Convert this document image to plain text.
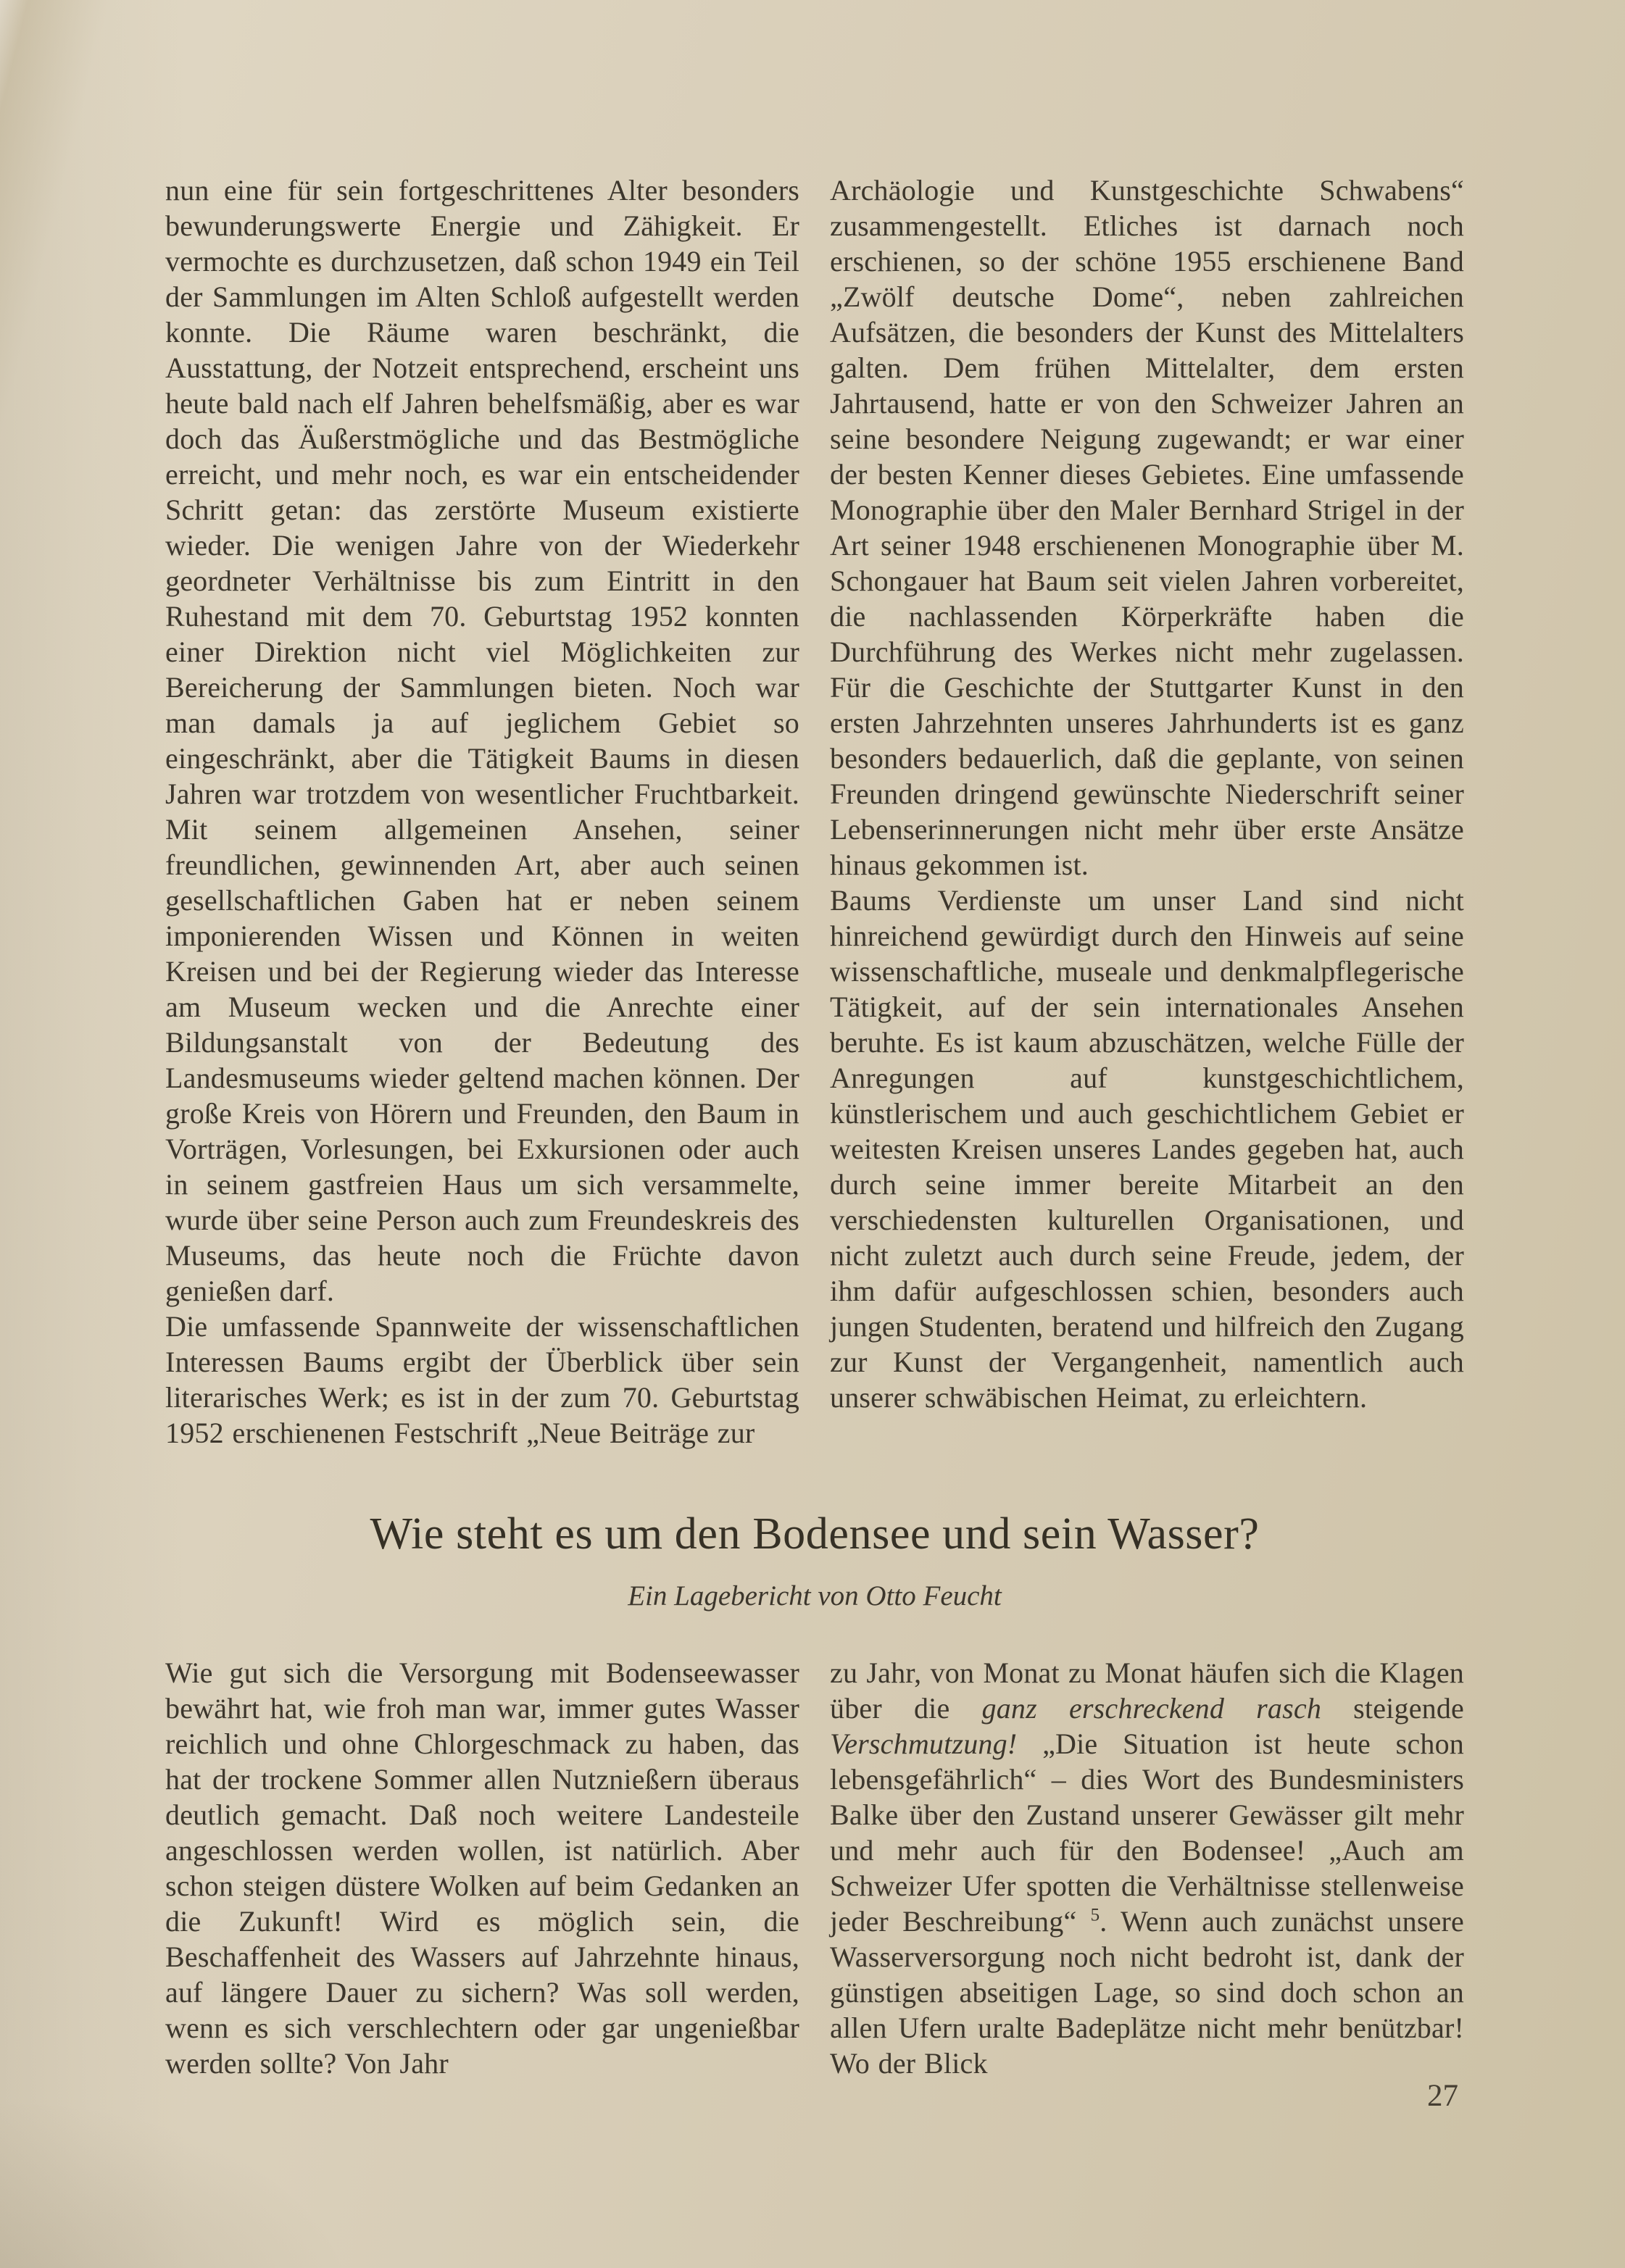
nun eine für sein fortgeschrittenes Alter besonders bewunderungswerte Energie und Zähigkeit. Er vermochte es durchzusetzen, daß schon 1949 ein Teil der Sammlungen im Alten Schloß aufgestellt werden konnte. Die Räume waren beschränkt, die Ausstattung, der Notzeit entsprechend, erscheint uns heute bald nach elf Jahren behelfsmäßig, aber es war doch das Äußerstmögliche und das Bestmögliche erreicht, und mehr noch, es war ein entscheidender Schritt getan: das zerstörte Museum existierte wieder. Die wenigen Jahre von der Wiederkehr geordneter Verhältnisse bis zum Eintritt in den Ruhestand mit dem 70. Geburtstag 1952 konnten einer Direktion nicht viel Möglichkeiten zur Bereicherung der Sammlungen bieten. Noch war man damals ja auf jeglichem Gebiet so eingeschränkt, aber die Tätigkeit Baums in diesen Jahren war trotzdem von wesentlicher Fruchtbarkeit. Mit seinem allgemeinen Ansehen, seiner freundlichen, gewinnenden Art, aber auch seinen gesellschaftlichen Gaben hat er neben seinem imponierenden Wissen und Können in weiten Kreisen und bei der Regierung wieder das Interesse am Museum wecken und die Anrechte einer Bildungsanstalt von der Bedeutung des Landesmuseums wieder geltend machen können. Der große Kreis von Hörern und Freunden, den Baum in Vorträgen, Vorlesungen, bei Exkursionen oder auch in seinem gastfreien Haus um sich versammelte, wurde über seine Person auch zum Freundeskreis des Museums, das heute noch die Früchte davon genießen darf.

Die umfassende Spannweite der wissenschaftlichen Interessen Baums ergibt der Überblick über sein literarisches Werk; es ist in der zum 70. Geburtstag 1952 erschienenen Festschrift „Neue Beiträge zur

Archäologie und Kunstgeschichte Schwabens“ zusammengestellt. Etliches ist darnach noch erschienen, so der schöne 1955 erschienene Band „Zwölf deutsche Dome“, neben zahlreichen Aufsätzen, die besonders der Kunst des Mittelalters galten. Dem frühen Mittelalter, dem ersten Jahrtausend, hatte er von den Schweizer Jahren an seine besondere Neigung zugewandt; er war einer der besten Kenner dieses Gebietes. Eine umfassende Monographie über den Maler Bernhard Strigel in der Art seiner 1948 erschienenen Monographie über M. Schongauer hat Baum seit vielen Jahren vorbereitet, die nachlassenden Körperkräfte haben die Durchführung des Werkes nicht mehr zugelassen. Für die Geschichte der Stuttgarter Kunst in den ersten Jahrzehnten unseres Jahrhunderts ist es ganz besonders bedauerlich, daß die geplante, von seinen Freunden dringend gewünschte Niederschrift seiner Lebenserinnerungen nicht mehr über erste Ansätze hinaus gekommen ist.

Baums Verdienste um unser Land sind nicht hinreichend gewürdigt durch den Hinweis auf seine wissenschaftliche, museale und denkmalpflegerische Tätigkeit, auf der sein internationales Ansehen beruhte. Es ist kaum abzuschätzen, welche Fülle der Anregungen auf kunstgeschichtlichem, künstlerischem und auch geschichtlichem Gebiet er weitesten Kreisen unseres Landes gegeben hat, auch durch seine immer bereite Mitarbeit an den verschiedensten kulturellen Organisationen, und nicht zuletzt auch durch seine Freude, jedem, der ihm dafür aufgeschlossen schien, besonders auch jungen Studenten, beratend und hilfreich den Zugang zur Kunst der Vergangenheit, namentlich auch unserer schwäbischen Heimat, zu erleichtern.

Wie steht es um den Bodensee und sein Wasser?
Ein Lagebericht von Otto Feucht

Wie gut sich die Versorgung mit Bodenseewasser bewährt hat, wie froh man war, immer gutes Wasser reichlich und ohne Chlorgeschmack zu haben, das hat der trockene Sommer allen Nutznießern überaus deutlich gemacht. Daß noch weitere Landesteile angeschlossen werden wollen, ist natürlich. Aber schon steigen düstere Wolken auf beim Gedanken an die Zukunft! Wird es möglich sein, die Beschaffenheit des Wassers auf Jahrzehnte hinaus, auf längere Dauer zu sichern? Was soll werden, wenn es sich verschlechtern oder gar ungenießbar werden sollte? Von Jahr

zu Jahr, von Monat zu Monat häufen sich die Klagen über die ganz erschreckend rasch steigende Verschmutzung! „Die Situation ist heute schon lebensgefährlich“ – dies Wort des Bundesministers Balke über den Zustand unserer Gewässer gilt mehr und mehr auch für den Bodensee! „Auch am Schweizer Ufer spotten die Verhältnisse stellenweise jeder Beschreibung“ $^5$. Wenn auch zunächst unsere Wasserversorgung noch nicht bedroht ist, dank der günstigen abseitigen Lage, so sind doch schon an allen Ufern uralte Badeplätze nicht mehr benützbar! Wo der Blick

27
